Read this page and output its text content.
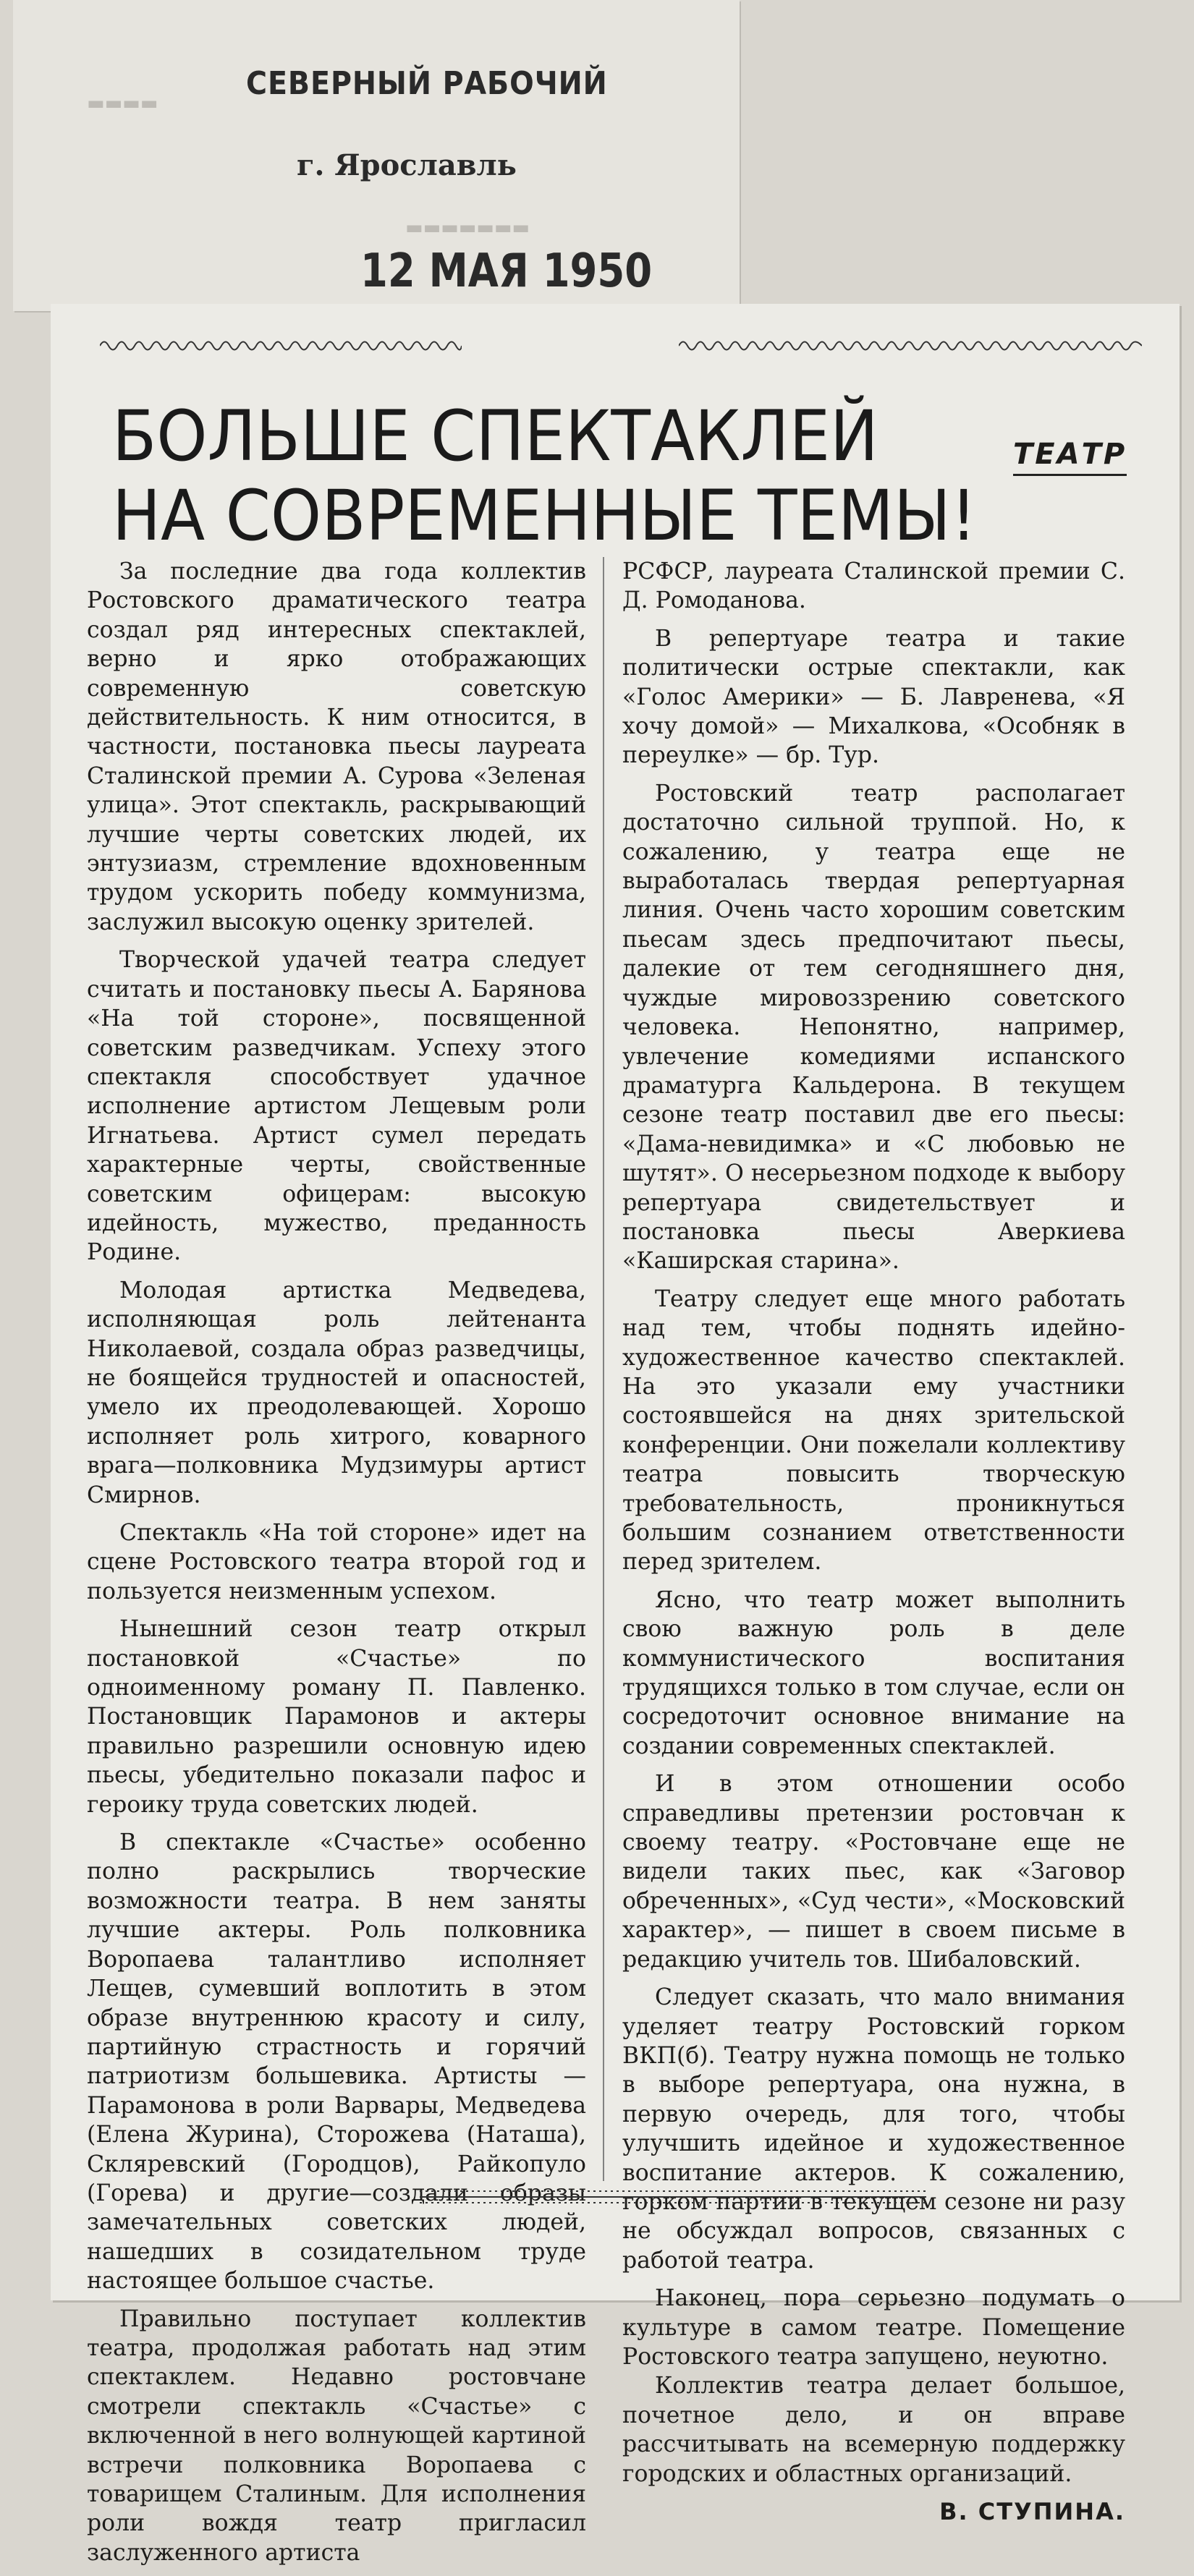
▬▬▬▬
▬▬▬▬▬▬▬
СЕВЕРНЫЙ РАБОЧИЙ
г. Ярославль
12 МАЯ 1950
БОЛЬШЕ СПЕКТАКЛЕЙ
НА СОВРЕМЕННЫЕ ТЕМЫ!
ТЕАТР

За последние два года коллектив Ростовского драматического театра создал ряд интересных спектаклей, верно и ярко отображающих современную советскую действительность. К ним относится, в частности, постановка пьесы лауреата Сталинской премии А. Сурова «Зеленая улица». Этот спектакль, раскрывающий лучшие черты советских людей, их энтузиазм, стремление вдохновенным трудом ускорить победу коммунизма, заслужил высокую оценку зрителей.

Творческой удачей театра следует считать и постановку пьесы А. Барянова «На той стороне», посвященной советским разведчикам. Успеху этого спектакля способствует удачное исполнение артистом Лещевым роли Игнатьева. Артист сумел передать характерные черты, свойственные советским офицерам: высокую идейность, мужество, преданность Родине.

Молодая артистка Медведева, исполняющая роль лейтенанта Николаевой, создала образ разведчицы, не боящейся трудностей и опасностей, умело их преодолевающей. Хорошо исполняет роль хитрого, коварного врага—полковника Мудзимуры артист Смирнов.

Спектакль «На той стороне» идет на сцене Ростовского театра второй год и пользуется неизменным успехом.

Нынешний сезон театр открыл постановкой «Счастье» по одноименному роману П. Павленко. Постановщик Парамонов и актеры правильно разрешили основную идею пьесы, убедительно показали пафос и героику труда советских людей.

В спектакле «Счастье» особенно полно раскрылись творческие возможности театра. В нем заняты лучшие актеры. Роль полковника Воропаева талантливо исполняет Лещев, сумевший воплотить в этом образе внутреннюю красоту и силу, партийную страстность и горячий патриотизм большевика. Артисты — Парамонова в роли Варвары, Медведева (Елена Журина), Сторожева (Наташа), Склярeвский (Городцов), Райкопуло (Горева) и другие—создали образы замечательных советских людей, нашедших в созидательном труде настоящее большое счастье.

Правильно поступает коллектив театра, продолжая работать над этим спектаклем. Недавно ростовчане смотрели спектакль «Счастье» с включенной в него волнующей картиной встречи полковника Воропаева с товарищем Сталиным. Для исполнения роли вождя театр пригласил заслуженного артиста

РСФСР, лауреата Сталинской премии С. Д. Ромоданова.

В репертуаре театра и такие политически острые спектакли, как «Голос Америки» — Б. Лавренева, «Я хочу домой» — Михалкова, «Особняк в переулке» — бр. Тур.

Ростовский театр располагает достаточно сильной труппой. Но, к сожалению, у театра еще не выработалась твердая репертуарная линия. Очень часто хорошим советским пьесам здесь предпочитают пьесы, далекие от тем сегодняшнего дня, чуждые мировоззрению советского человека. Непонятно, например, увлечение комедиями испанского драматурга Кальдерона. В текущем сезоне театр поставил две его пьесы: «Дама-невидимка» и «С любовью не шутят». О несерьезном подходе к выбору репертуара свидетельствует и постановка пьесы Аверкиева «Каширская старина».

Театру следует еще много работать над тем, чтобы поднять идейно-художественное качество спектаклей. На это указали ему участники состоявшейся на днях зрительской конференции. Они пожелали коллективу театра повысить творческую требовательность, проникнуться большим сознанием ответственности перед зрителем.

Ясно, что театр может выполнить свою важную роль в деле коммунистического воспитания трудящихся только в том случае, если он сосредоточит основное внимание на создании современных спектаклей.

И в этом отношении особо справедливы претензии ростовчан к своему театру. «Ростовчане еще не видели таких пьес, как «Заговор обреченных», «Суд чести», «Московский характер», — пишет в своем письме в редакцию учитель тов. Шибаловский.

Следует сказать, что мало внимания уделяет театру Ростовский горком ВКП(б). Театру нужна помощь не только в выборе репертуара, она нужна, в первую очередь, для того, чтобы улучшить идейное и художественное воспитание актеров. К сожалению, горком партии в текущем сезоне ни разу не обсуждал вопросов, связанных с работой театра.

Наконец, пора серьезно подумать о культуре в самом театре. Помещение Ростовского театра запущено, неуютно.

Коллектив театра делает большое, почетное дело, и он вправе рассчитывать на всемерную поддержку городских и областных организаций.

В. СТУПИНА.
